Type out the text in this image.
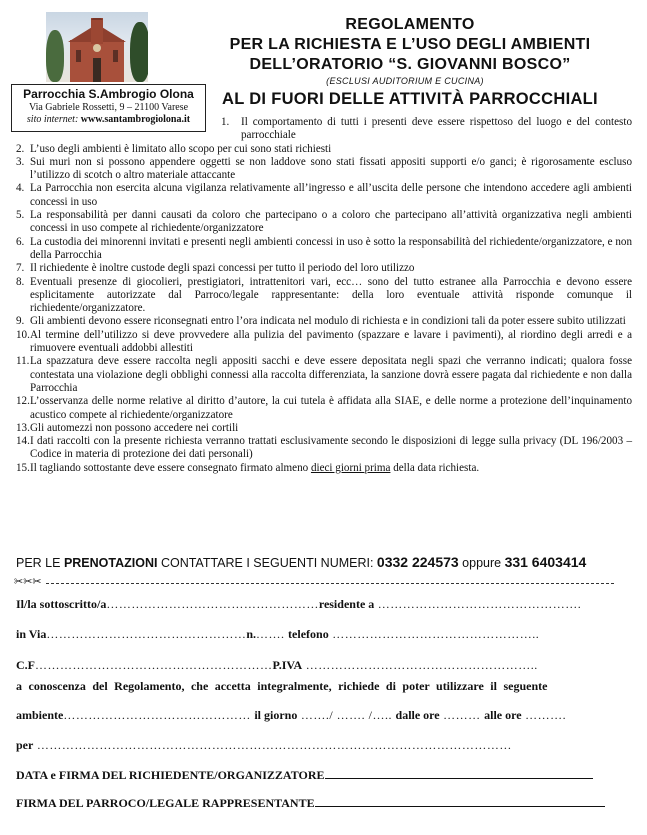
Parrocchia S.Ambrogio Olona
Via Gabriele Rossetti, 9 – 21100 Varese
sito internet: www.santambrogiolona.it
REGOLAMENTO
PER LA RICHIESTA E L’USO DEGLI AMBIENTI
DELL’ORATORIO “S. GIOVANNI BOSCO”
(ESCLUSI AUDITORIUM E CUCINA)
AL DI FUORI DELLE ATTIVITÀ PARROCCHIALI
1. Il comportamento di tutti i presenti deve essere rispettoso del luogo e del contesto parrocchiale
2. L’uso degli ambienti è limitato allo scopo per cui sono stati richiesti
3. Sui muri non si possono appendere oggetti se non laddove sono stati fissati appositi supporti e/o ganci; è rigorosamente escluso l’utilizzo di scotch o altro materiale attaccante
4. La Parrocchia non esercita alcuna vigilanza relativamente all’ingresso e all’uscita delle persone che intendono accedere agli ambienti concessi in uso
5. La responsabilità per danni causati da coloro che partecipano o a coloro che partecipano all’attività organizzativa negli ambienti concessi in uso compete al richiedente/organizzatore
6. La custodia dei minorenni invitati e presenti negli ambienti concessi in uso è sotto la responsabilità del richiedente/organizzatore, e non della Parrocchia
7. Il richiedente è inoltre custode degli spazi concessi per tutto il periodo del loro utilizzo
8. Eventuali presenze di giocolieri, prestigiatori, intrattenitori vari, ecc… sono del tutto estranee alla Parrocchia e devono essere esplicitamente autorizzate dal Parroco/legale rappresentante: della loro eventuale attività risponde comunque il richiedente/organizzatore.
9. Gli ambienti devono essere riconsegnati entro l’ora indicata nel modulo di richiesta e in condizioni tali da poter essere subito utilizzati
10. Al termine dell’utilizzo si deve provvedere alla pulizia del pavimento (spazzare e lavare i pavimenti), al riordino degli arredi e a rimuovere eventuali addobbi allestiti
11. La spazzatura deve essere raccolta negli appositi sacchi e deve essere depositata negli spazi che verranno indicati; qualora fosse contestata una violazione degli obblighi connessi alla raccolta differenziata, la sanzione dovrà essere pagata dal richiedente e non dalla Parrocchia
12. L’osservanza delle norme relative al diritto d’autore, la cui tutela è affidata alla SIAE, e delle norme a protezione dell’inquinamento acustico compete al richiedente/organizzatore
13. Gli automezzi non possono accedere nei cortili
14. I dati raccolti con la presente richiesta verranno trattati esclusivamente secondo le disposizioni di legge sulla privacy (DL 196/2003 – Codice in materia di protezione dei dati personali)
15. Il tagliando sottostante deve essere consegnato firmato almeno dieci giorni prima della data richiesta.
PER LE PRENOTAZIONI CONTATTARE I SEGUENTI NUMERI: 0332 224573 oppure 331 6403414
✂✂✂
Il/la sottoscritto/a……………………………………………residente a ………………………………………….
in Via…………………………………………n.……. telefono …………………………………………..
C.F…………………………………………………P.IVA ………………………………………………..
a conoscenza del Regolamento, che accetta integralmente, richiede di poter utilizzare il seguente
ambiente……………………………………… il giorno ……./ ……. /….. dalle ore ……… alle ore ……….
per ……………………………………………………………………………………………………
DATA e FIRMA DEL RICHIEDENTE/ORGANIZZATORE
FIRMA DEL PARROCO/LEGALE RAPPRESENTANTE
